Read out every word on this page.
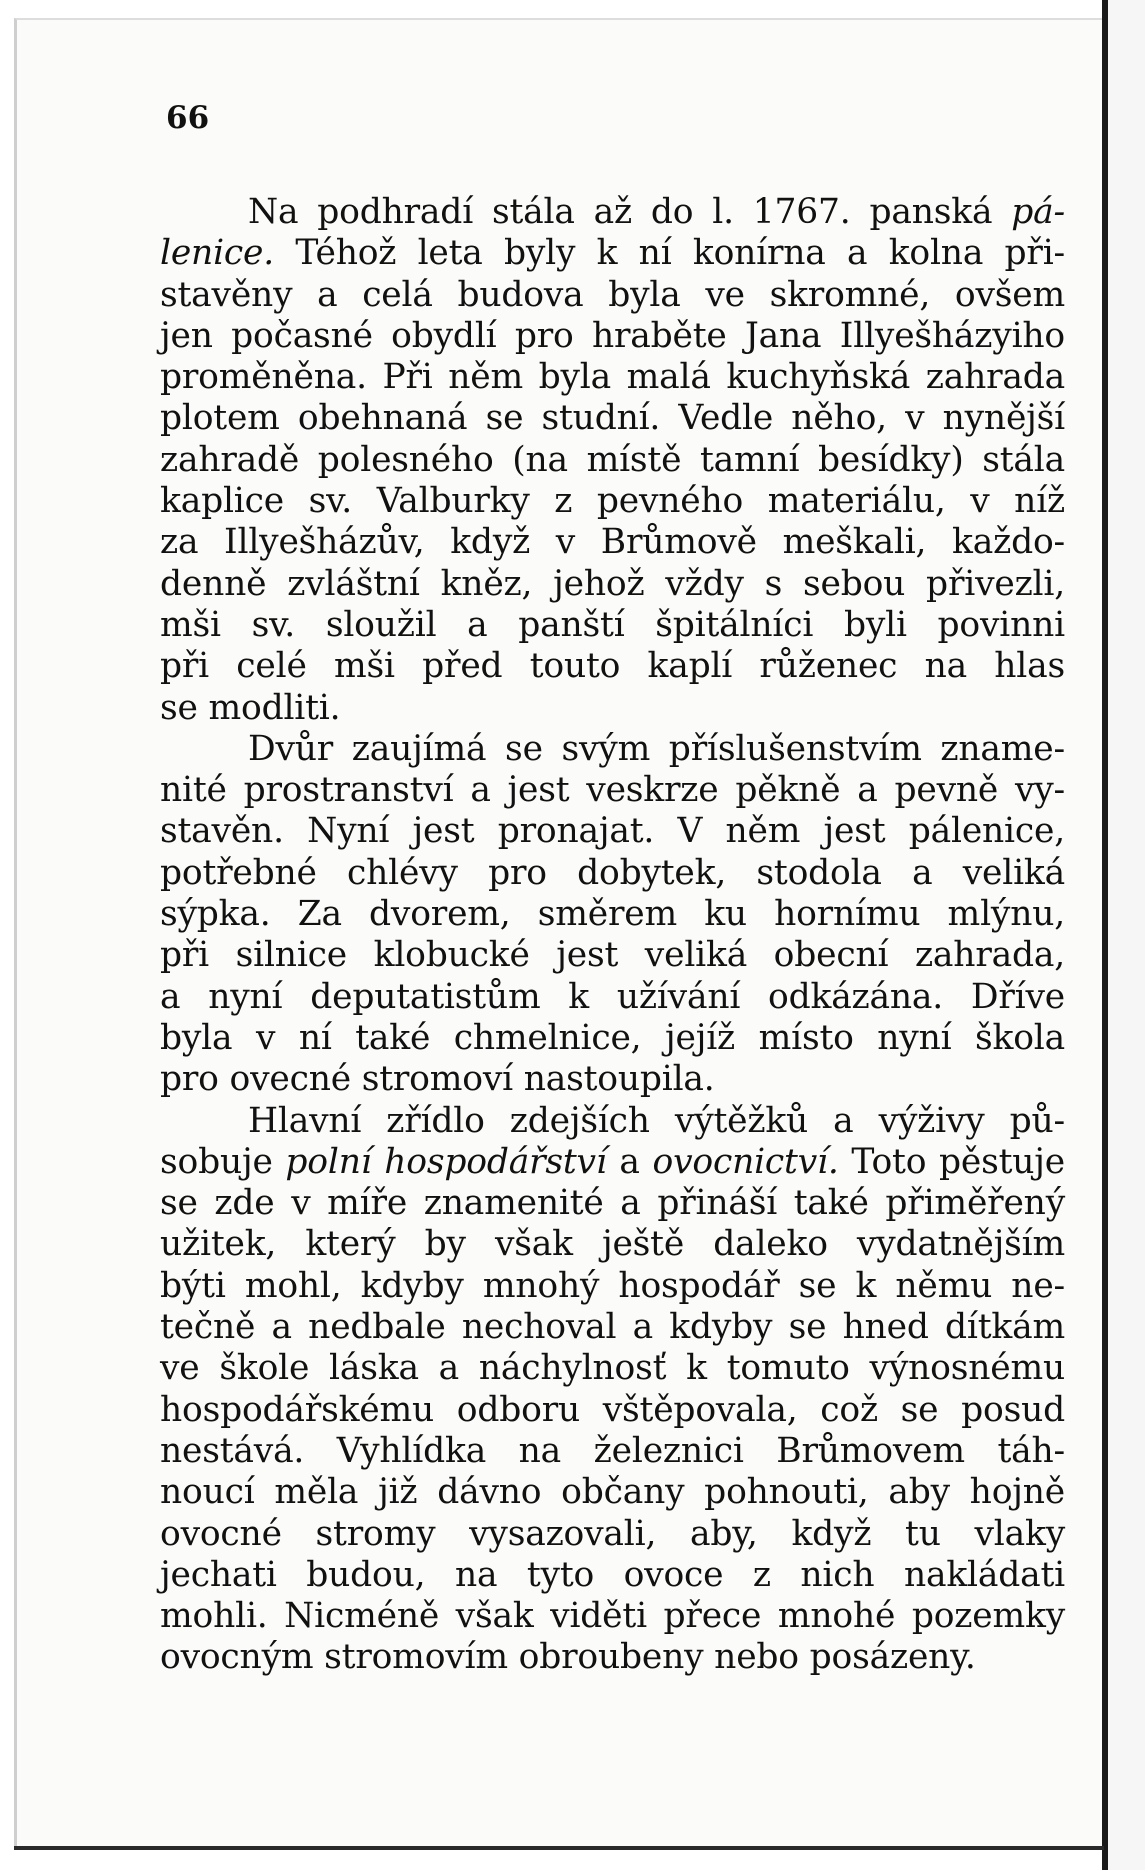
66
Na podhradí stála až do l. 1767. panská pá-
lenice. Téhož leta byly k ní konírna a kolna při-
stavěny a celá budova byla ve skromné, ovšem
jen počasné obydlí pro hraběte Jana Illyešházyiho
proměněna. Při něm byla malá kuchyňská zahrada
plotem obehnaná se studní. Vedle něho, v nynější
zahradě polesného (na místě tamní besídky) stála
kaplice sv. Valburky z pevného materiálu, v níž
za Illyešházův, když v Brůmově meškali, každo-
denně zvláštní kněz, jehož vždy s sebou přivezli,
mši sv. sloužil a panští špitálníci byli povinni
při celé mši před touto kaplí růženec na hlas
se modliti.
Dvůr zaujímá se svým příslušenstvím zname-
nité prostranství a jest veskrze pěkně a pevně vy-
stavěn. Nyní jest pronajat. V něm jest pálenice,
potřebné chlévy pro dobytek, stodola a veliká
sýpka. Za dvorem, směrem ku hornímu mlýnu,
při silnice klobucké jest veliká obecní zahrada,
a nyní deputatistům k užívání odkázána. Dříve
byla v ní také chmelnice, jejíž místo nyní škola
pro ovecné stromoví nastoupila.
Hlavní zřídlo zdejších výtěžků a výživy pů-
sobuje polní hospodářství a ovocnictví. Toto pěstuje
se zde v míře znamenité a přináší také přiměřený
užitek, který by však ještě daleko vydatnějším
býti mohl, kdyby mnohý hospodář se k němu ne-
tečně a nedbale nechoval a kdyby se hned dítkám
ve škole láska a náchylnosť k tomuto výnosnému
hospodářskému odboru vštěpovala, což se posud
nestává. Vyhlídka na železnici Brůmovem táh-
noucí měla již dávno občany pohnouti, aby hojně
ovocné stromy vysazovali, aby, když tu vlaky
jechati budou, na tyto ovoce z nich nakládati
mohli. Nicméně však viděti přece mnohé pozemky
ovocným stromovím obroubeny nebo posázeny.
